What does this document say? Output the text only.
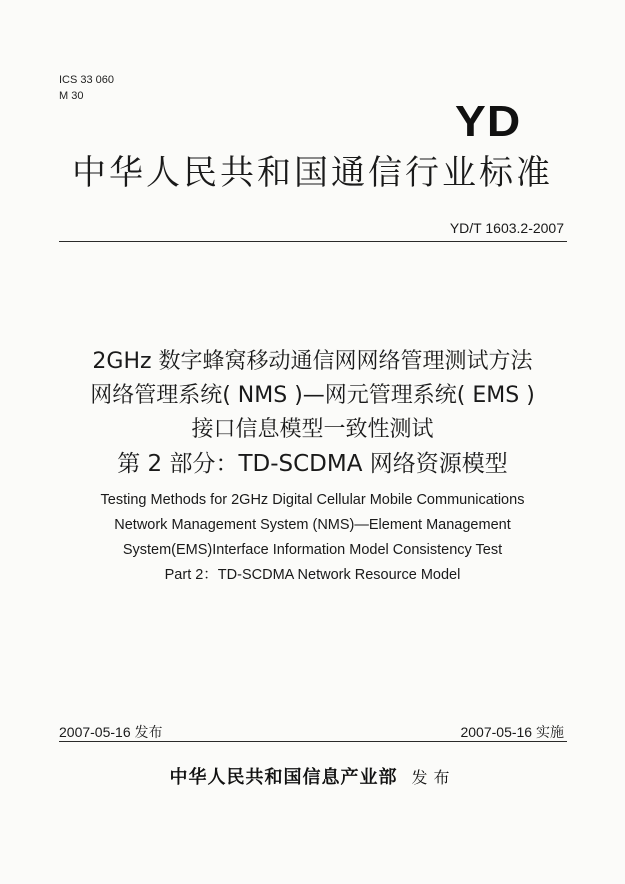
ICS 33 060
M 30
YD
中华人民共和国通信行业标准
YD/T 1603.2-2007
2GHz 数字蜂窝移动通信网网络管理测试方法
网络管理系统( NMS )—网元管理系统( EMS )
接口信息模型一致性测试
第 2 部分：TD-SCDMA 网络资源模型
Testing Methods for 2GHz Digital Cellular Mobile Communications
Network Management System (NMS)—Element Management
System(EMS)Interface Information Model Consistency Test
Part 2：TD-SCDMA Network Resource Model
2007-05-16 发布	2007-05-16 实施
中华人民共和国信息产业部 发布
